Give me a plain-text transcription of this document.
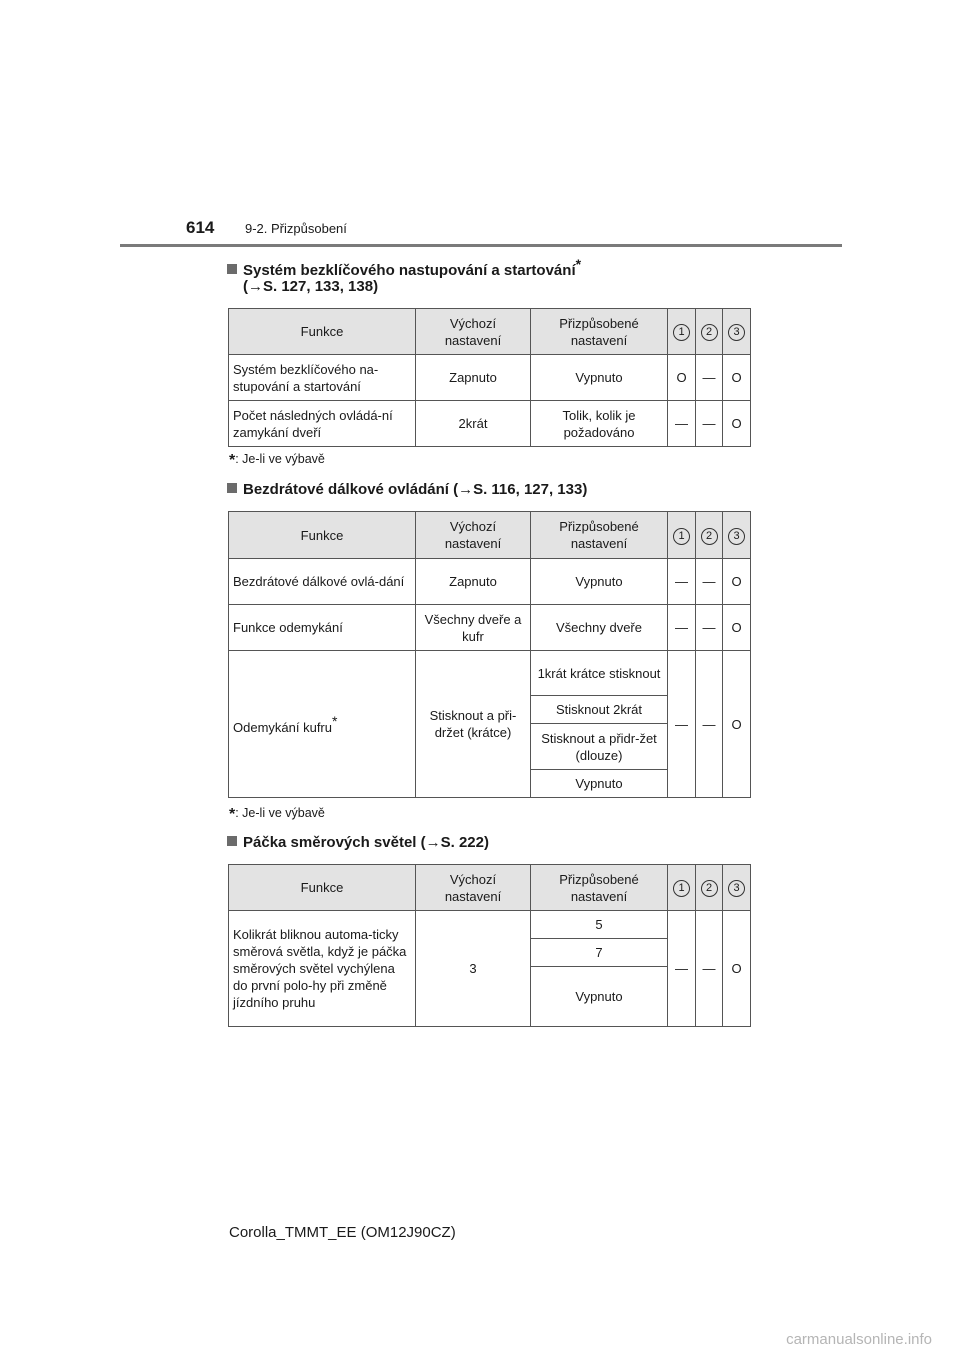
614 9-2. Přizpůsobení
Systém bezklíčového nastupování a startování*
(→S. 127, 133, 138)
Funkce	Výchozí nastavení	Přizpůsobené nastavení	1	2	3
Systém bezklíčového na-stupování a startování	Zapnuto	Vypnuto	O	—	O
Počet následných ovládá-ní zamykání dveří	2krát	Tolik, kolik je požadováno	—	—	O
*: Je-li ve výbavě
Bezdrátové dálkové ovládání (→S. 116, 127, 133)
Funkce	Výchozí nastavení	Přizpůsobené nastavení	1	2	3
Bezdrátové dálkové ovlá-dání	Zapnuto	Vypnuto	—	—	O
Funkce odemykání	Všechny dveře a kufr	Všechny dveře	—	—	O
Odemykání kufru*	Stisknout a při-držet (krátce)	1krát krátce stisknout	—	—	O
		Stisknout 2krát			
		Stisknout a přidr-žet (dlouze)			
		Vypnuto			
*: Je-li ve výbavě
Páčka směrových světel (→S. 222)
Funkce	Výchozí nastavení	Přizpůsobené nastavení	1	2	3
Kolikrát bliknou automa-ticky směrová světla, když je páčka směrových světel vychýlena do první polo-hy při změně jízdního pruhu	3	5	—	—	O
		7			
		Vypnuto			
Corolla_TMMT_EE (OM12J90CZ)
carmanualsonline.info
